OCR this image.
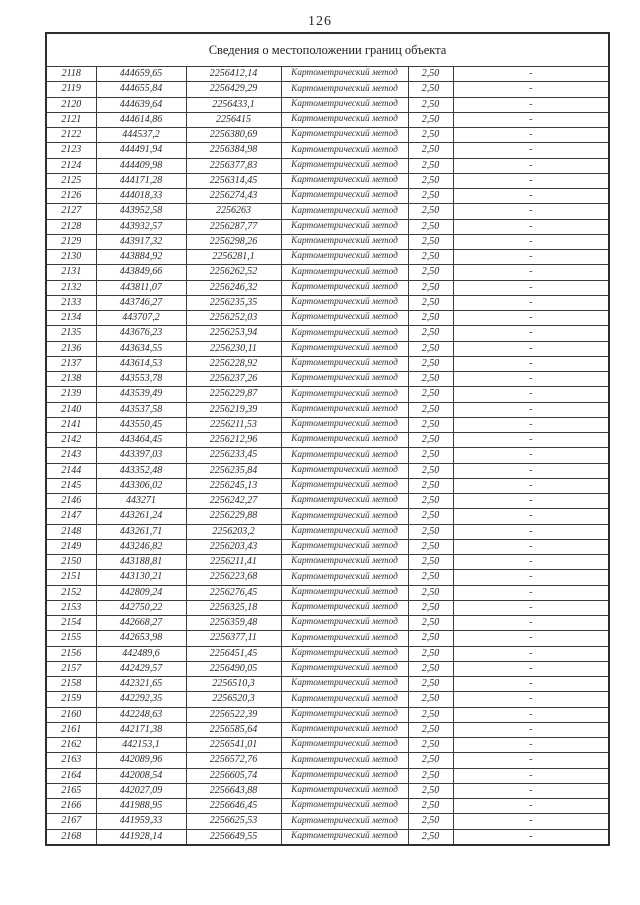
126
Сведения о местоположении границ объекта					
2118	444659,65	2256412,14	Картометрический метод	2,50	-
2119	444655,84	2256429,29	Картометрический метод	2,50	-
2120	444639,64	2256433,1	Картометрический метод	2,50	-
2121	444614,86	2256415	Картометрический метод	2,50	-
2122	444537,2	2256380,69	Картометрический метод	2,50	-
2123	444491,94	2256384,98	Картометрический метод	2,50	-
2124	444409,98	2256377,83	Картометрический метод	2,50	-
2125	444171,28	2256314,45	Картометрический метод	2,50	-
2126	444018,33	2256274,43	Картометрический метод	2,50	-
2127	443952,58	2256263	Картометрический метод	2,50	-
2128	443932,57	2256287,77	Картометрический метод	2,50	-
2129	443917,32	2256298,26	Картометрический метод	2,50	-
2130	443884,92	2256281,1	Картометрический метод	2,50	-
2131	443849,66	2256262,52	Картометрический метод	2,50	-
2132	443811,07	2256246,32	Картометрический метод	2,50	-
2133	443746,27	2256235,35	Картометрический метод	2,50	-
2134	443707,2	2256252,03	Картометрический метод	2,50	-
2135	443676,23	2256253,94	Картометрический метод	2,50	-
2136	443634,55	2256230,11	Картометрический метод	2,50	-
2137	443614,53	2256228,92	Картометрический метод	2,50	-
2138	443553,78	2256237,26	Картометрический метод	2,50	-
2139	443539,49	2256229,87	Картометрический метод	2,50	-
2140	443537,58	2256219,39	Картометрический метод	2,50	-
2141	443550,45	2256211,53	Картометрический метод	2,50	-
2142	443464,45	2256212,96	Картометрический метод	2,50	-
2143	443397,03	2256233,45	Картометрический метод	2,50	-
2144	443352,48	2256235,84	Картометрический метод	2,50	-
2145	443306,02	2256245,13	Картометрический метод	2,50	-
2146	443271	2256242,27	Картометрический метод	2,50	-
2147	443261,24	2256229,88	Картометрический метод	2,50	-
2148	443261,71	2256203,2	Картометрический метод	2,50	-
2149	443246,82	2256203,43	Картометрический метод	2,50	-
2150	443188,81	2256211,41	Картометрический метод	2,50	-
2151	443130,21	2256223,68	Картометрический метод	2,50	-
2152	442809,24	2256276,45	Картометрический метод	2,50	-
2153	442750,22	2256325,18	Картометрический метод	2,50	-
2154	442668,27	2256359,48	Картометрический метод	2,50	-
2155	442653,98	2256377,11	Картометрический метод	2,50	-
2156	442489,6	2256451,45	Картометрический метод	2,50	-
2157	442429,57	2256490,05	Картометрический метод	2,50	-
2158	442321,65	2256510,3	Картометрический метод	2,50	-
2159	442292,35	2256520,3	Картометрический метод	2,50	-
2160	442248,63	2256522,39	Картометрический метод	2,50	-
2161	442171,38	2256585,64	Картометрический метод	2,50	-
2162	442153,1	2256541,01	Картометрический метод	2,50	-
2163	442089,96	2256572,76	Картометрический метод	2,50	-
2164	442008,54	2256605,74	Картометрический метод	2,50	-
2165	442027,09	2256643,88	Картометрический метод	2,50	-
2166	441988,95	2256646,45	Картометрический метод	2,50	-
2167	441959,33	2256625,53	Картометрический метод	2,50	-
2168	441928,14	2256649,55	Картометрический метод	2,50	-
